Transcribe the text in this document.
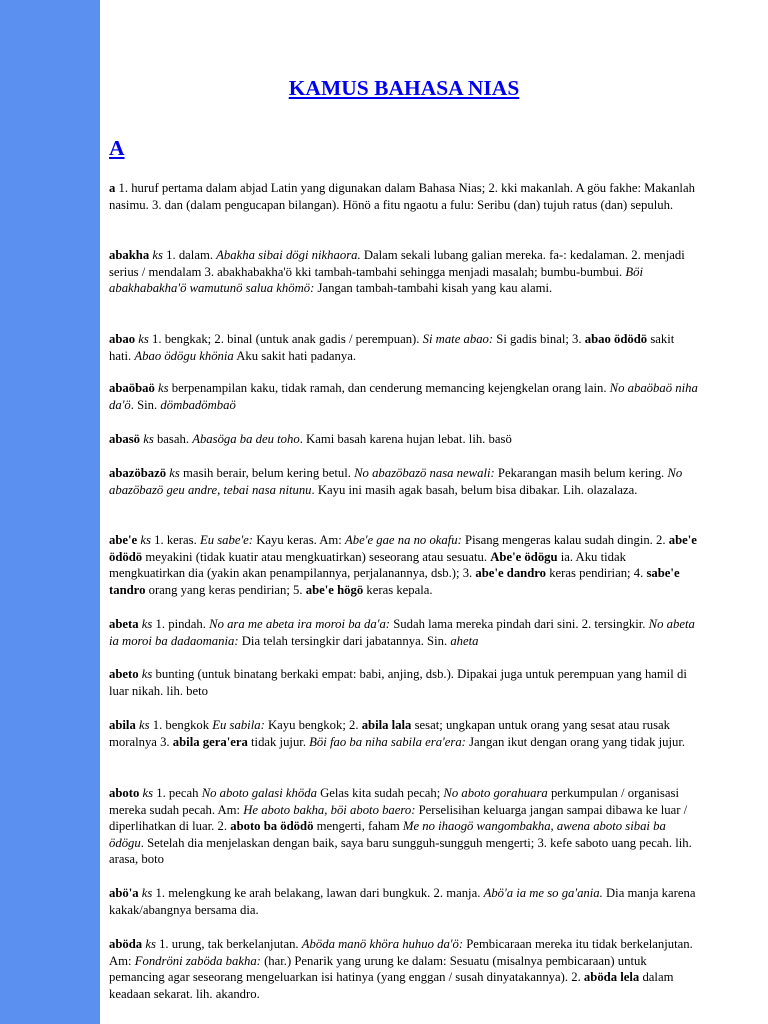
KAMUS BAHASA NIAS
A

a 1. huruf pertama dalam abjad Latin yang digunakan dalam Bahasa Nias; 2. kki makanlah. A göu fakhe: Makanlah nasimu. 3. dan (dalam pengucapan bilangan). Hönö a fitu ngaotu a fulu: Seribu (dan) tujuh ratus (dan) sepuluh.

abakha ks 1. dalam. Abakha sibai dögi nikhaora. Dalam sekali lubang galian mereka. fa-: kedalaman. 2. menjadi serius / mendalam 3. abakhabakha'ö kki tambah-tambahi sehingga menjadi masalah; bumbu-bumbui. Böi abakhabakha'ö wamutunö salua khömö: Jangan tambah-tambahi kisah yang kau alami.

abao ks 1. bengkak; 2. binal (untuk anak gadis / perempuan). Si mate abao: Si gadis binal; 3. abao ödödö sakit hati. Abao ödögu khönia Aku sakit hati padanya.

abaöbaö ks berpenampilan kaku, tidak ramah, dan cenderung memancing kejengkelan orang lain. No abaöbaö niha da'ö. Sin. dömbadömbaö

abasö ks basah. Abasöga ba deu toho. Kami basah karena hujan lebat. lih. basö

abazöbazö ks masih berair, belum kering betul. No abazöbazö nasa newali: Pekarangan masih belum kering. No abazöbazö geu andre, tebai nasa nitunu. Kayu ini masih agak basah, belum bisa dibakar. Lih. olazalaza.

abe'e ks 1. keras. Eu sabe'e: Kayu keras. Am: Abe'e gae na no okafu: Pisang mengeras kalau sudah dingin. 2. abe'e ödödö meyakini (tidak kuatir atau mengkuatirkan) seseorang atau sesuatu. Abe'e ödögu ia. Aku tidak mengkuatirkan dia (yakin akan penampilannya, perjalanannya, dsb.); 3. abe'e dandro keras pendirian; 4. sabe'e tandro orang yang keras pendirian; 5. abe'e högö keras kepala.

abeta ks 1. pindah. No ara me abeta ira moroi ba da'a: Sudah lama mereka pindah dari sini. 2. tersingkir. No abeta ia moroi ba dadaomania: Dia telah tersingkir dari jabatannya. Sin. aheta

abeto ks bunting (untuk binatang berkaki empat: babi, anjing, dsb.). Dipakai juga untuk perempuan yang hamil di luar nikah. lih. beto

abila ks 1. bengkok Eu sabila: Kayu bengkok; 2. abila lala sesat; ungkapan untuk orang yang sesat atau rusak moralnya 3. abila gera'era tidak jujur. Böi fao ba niha sabila era'era: Jangan ikut dengan orang yang tidak jujur.

aboto ks 1. pecah No aboto galasi khöda Gelas kita sudah pecah; No aboto gorahuara perkumpulan / organisasi mereka sudah pecah. Am: He aboto bakha, böi aboto baero: Perselisihan keluarga jangan sampai dibawa ke luar / diperlihatkan di luar. 2. aboto ba ödödö mengerti, faham Me no ihaogö wangombakha, awena aboto sibai ba ödögu. Setelah dia menjelaskan dengan baik, saya baru sungguh-sungguh mengerti; 3. kefe saboto uang pecah. lih. arasa, boto

abö'a ks 1. melengkung ke arah belakang, lawan dari bungkuk. 2. manja. Abö'a ia me so ga'ania. Dia manja karena kakak/abangnya bersama dia.

aböda ks 1. urung, tak berkelanjutan. Aböda manö khöra huhuo da'ö: Pembicaraan mereka itu tidak berkelanjutan. Am: Fondröni zaböda bakha: (har.) Penarik yang urung ke dalam: Sesuatu (misalnya pembicaraan) untuk pemancing agar seseorang mengeluarkan isi hatinya (yang enggan / susah dinyatakannya). 2. aböda lela dalam keadaan sekarat. lih. akandro.
